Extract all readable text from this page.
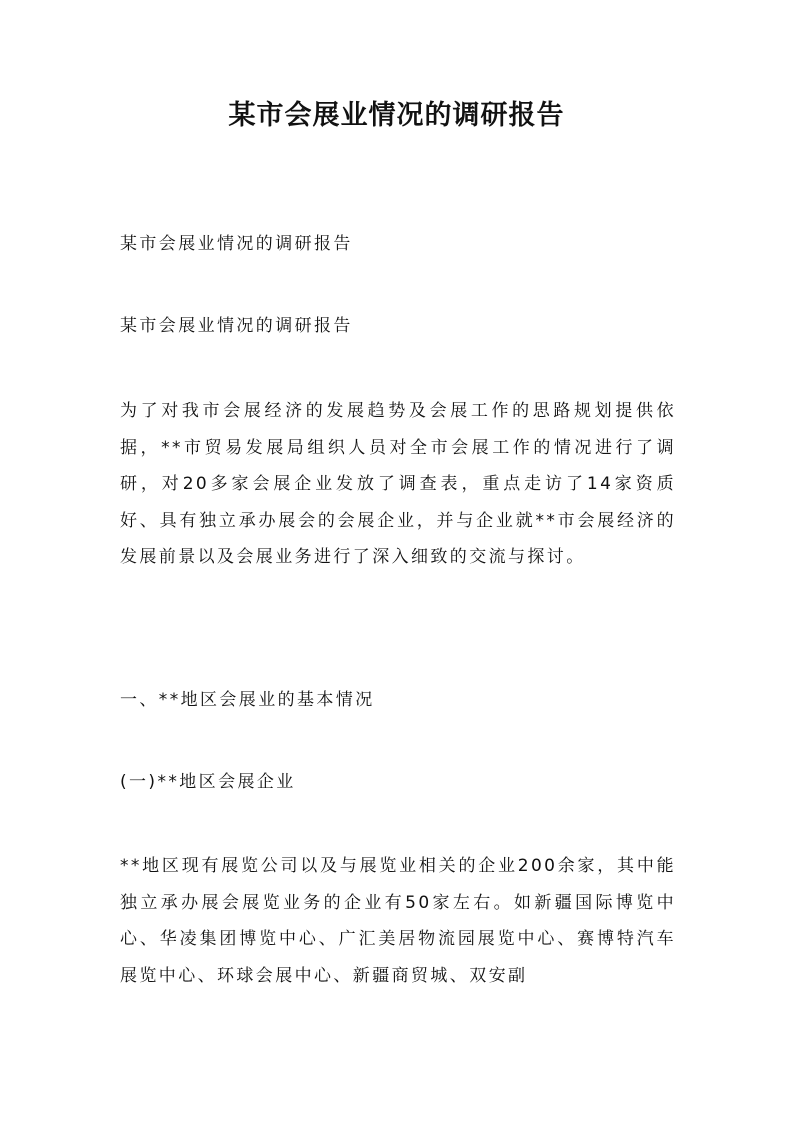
某市会展业情况的调研报告

某市会展业情况的调研报告

某市会展业情况的调研报告

为了对我市会展经济的发展趋势及会展工作的思路规划提供依据，**市贸易发展局组织人员对全市会展工作的情况进行了调研，对20多家会展企业发放了调查表，重点走访了14家资质好、具有独立承办展会的会展企业，并与企业就**市会展经济的发展前景以及会展业务进行了深入细致的交流与探讨。

一、**地区会展业的基本情况

(一)**地区会展企业

**地区现有展览公司以及与展览业相关的企业200余家，其中能独立承办展会展览业务的企业有50家左右。如新疆国际博览中心、华凌集团博览中心、广汇美居物流园展览中心、赛博特汽车展览中心、环球会展中心、新疆商贸城、双安副
